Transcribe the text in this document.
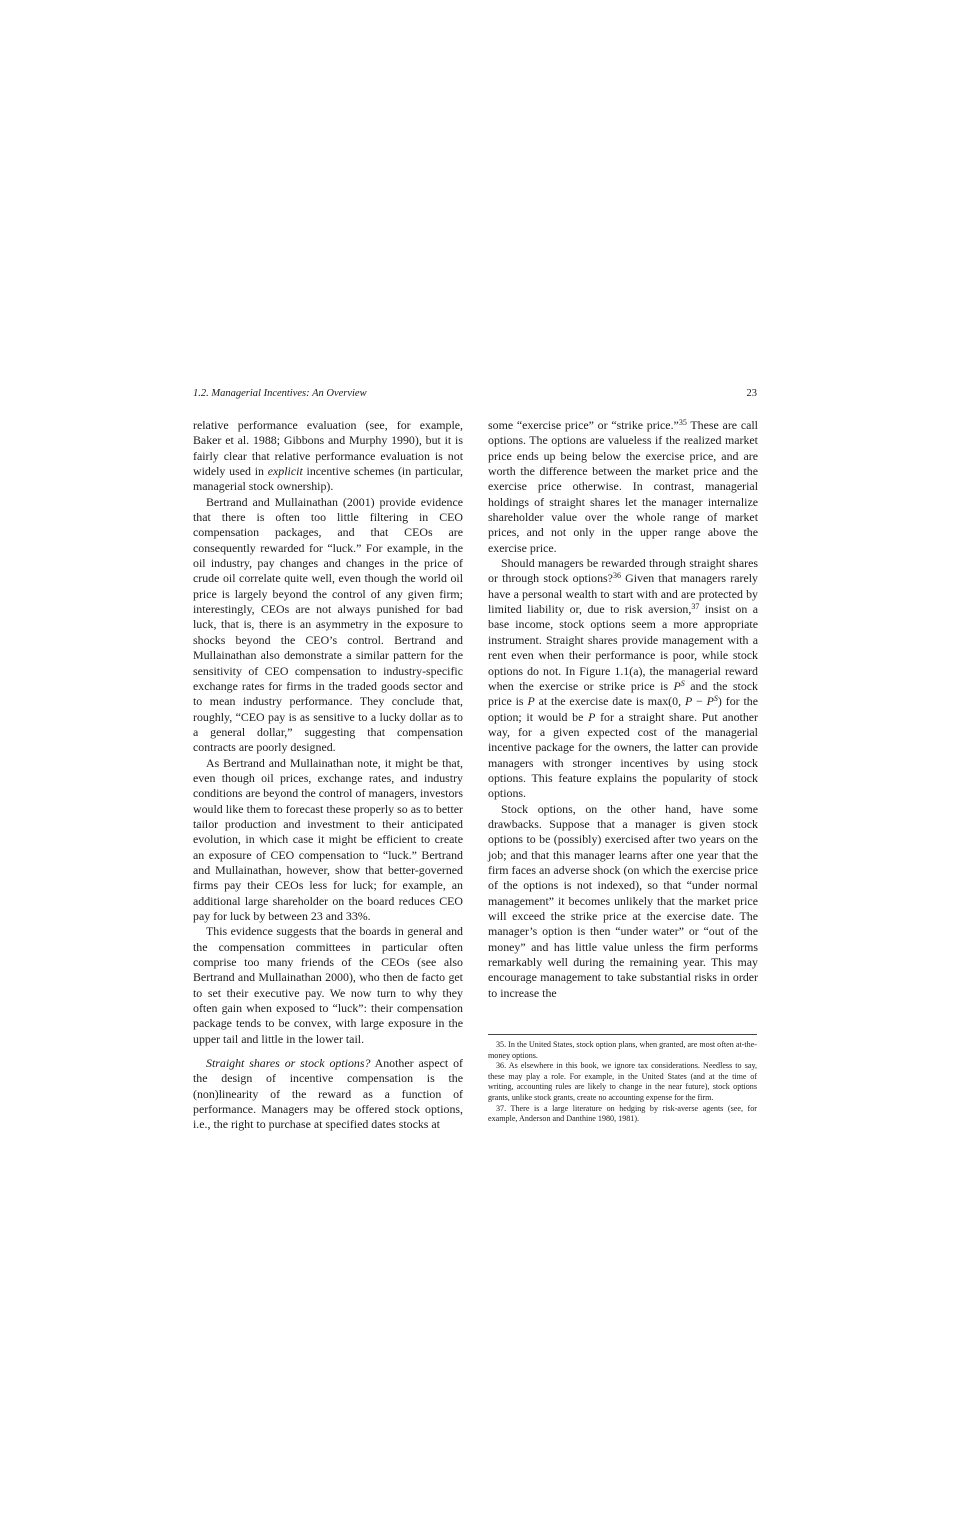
1.2. Managerial Incentives: An Overview	23

relative performance evaluation (see, for example, Baker et al. 1988; Gibbons and Murphy 1990), but it is fairly clear that relative performance evaluation is not widely used in explicit incentive schemes (in particular, managerial stock ownership).

Bertrand and Mullainathan (2001) provide evidence that there is often too little filtering in CEO compensation packages, and that CEOs are consequently rewarded for “luck.” For example, in the oil industry, pay changes and changes in the price of crude oil correlate quite well, even though the world oil price is largely beyond the control of any given firm; interestingly, CEOs are not always punished for bad luck, that is, there is an asymmetry in the exposure to shocks beyond the CEO’s control. Bertrand and Mullainathan also demonstrate a similar pattern for the sensitivity of CEO compensation to industry-specific exchange rates for firms in the traded goods sector and to mean industry performance. They conclude that, roughly, “CEO pay is as sensitive to a lucky dollar as to a general dollar,” suggesting that compensation contracts are poorly designed.

As Bertrand and Mullainathan note, it might be that, even though oil prices, exchange rates, and industry conditions are beyond the control of managers, investors would like them to forecast these properly so as to better tailor production and investment to their anticipated evolution, in which case it might be efficient to create an exposure of CEO compensation to “luck.” Bertrand and Mullainathan, however, show that better-governed firms pay their CEOs less for luck; for example, an additional large shareholder on the board reduces CEO pay for luck by between 23 and 33%.

This evidence suggests that the boards in general and the compensation committees in particular often comprise too many friends of the CEOs (see also Bertrand and Mullainathan 2000), who then de facto get to set their executive pay. We now turn to why they often gain when exposed to “luck”: their compensation package tends to be convex, with large exposure in the upper tail and little in the lower tail.

Straight shares or stock options? Another aspect of the design of incentive compensation is the (non)linearity of the reward as a function of performance. Managers may be offered stock options, i.e., the right to purchase at specified dates stocks at

some “exercise price” or “strike price.”$^{35}$ These are call options. The options are valueless if the realized market price ends up being below the exercise price, and are worth the difference between the market price and the exercise price otherwise. In contrast, managerial holdings of straight shares let the manager internalize shareholder value over the whole range of market prices, and not only in the upper range above the exercise price.

Should managers be rewarded through straight shares or through stock options?$^{36}$ Given that managers rarely have a personal wealth to start with and are protected by limited liability or, due to risk aversion,$^{37}$ insist on a base income, stock options seem a more appropriate instrument. Straight shares provide management with a rent even when their performance is poor, while stock options do not. In Figure 1.1(a), the managerial reward when the exercise or strike price is $P^S$ and the stock price is P at the exercise date is max(0, $P - P^S$) for the option; it would be P for a straight share. Put another way, for a given expected cost of the managerial incentive package for the owners, the latter can provide managers with stronger incentives by using stock options. This feature explains the popularity of stock options.

Stock options, on the other hand, have some drawbacks. Suppose that a manager is given stock options to be (possibly) exercised after two years on the job; and that this manager learns after one year that the firm faces an adverse shock (on which the exercise price of the options is not indexed), so that “under normal management” it becomes unlikely that the market price will exceed the strike price at the exercise date. The manager’s option is then “under water” or “out of the money” and has little value unless the firm performs remarkably well during the remaining year. This may encourage management to take substantial risks in order to increase the

35. In the United States, stock option plans, when granted, are most often at-the-money options.

36. As elsewhere in this book, we ignore tax considerations. Needless to say, these may play a role. For example, in the United States (and at the time of writing, accounting rules are likely to change in the near future), stock options grants, unlike stock grants, create no accounting expense for the firm.

37. There is a large literature on hedging by risk-averse agents (see, for example, Anderson and Danthine 1980, 1981).
